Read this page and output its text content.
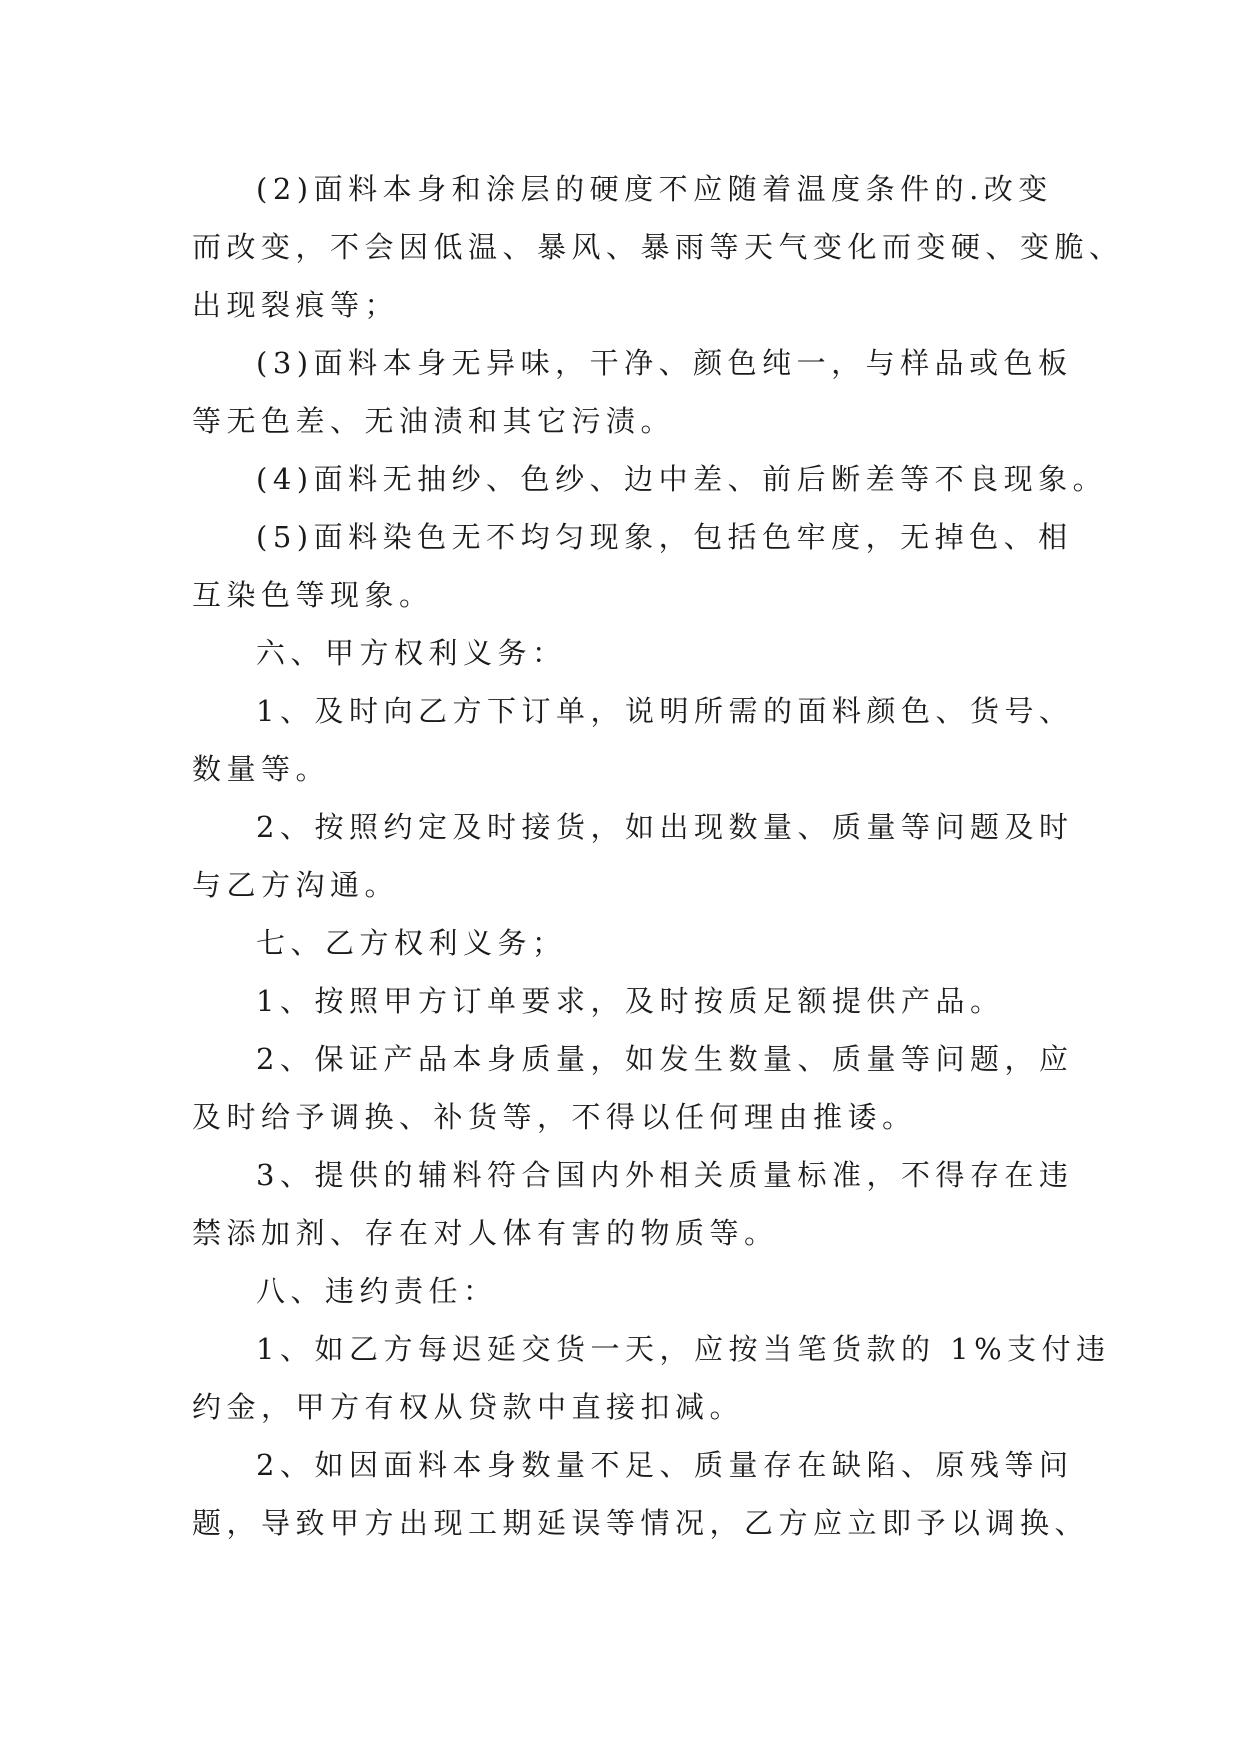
(2)面料本身和涂层的硬度不应随着温度条件的.改变
而改变，不会因低温、暴风、暴雨等天气变化而变硬、变脆、
出现裂痕等；
(3)面料本身无异味，干净、颜色纯一，与样品或色板
等无色差、无油渍和其它污渍。
(4)面料无抽纱、色纱、边中差、前后断差等不良现象。
(5)面料染色无不均匀现象，包括色牢度，无掉色、相
互染色等现象。
六、甲方权利义务：
1、及时向乙方下订单，说明所需的面料颜色、货号、
数量等。
2、按照约定及时接货，如出现数量、质量等问题及时
与乙方沟通。
七、乙方权利义务；
1、按照甲方订单要求，及时按质足额提供产品。
2、保证产品本身质量，如发生数量、质量等问题，应
及时给予调换、补货等，不得以任何理由推诿。
3、提供的辅料符合国内外相关质量标准，不得存在违
禁添加剂、存在对人体有害的物质等。
八、违约责任：
1、如乙方每迟延交货一天，应按当笔货款的 1%支付违
约金，甲方有权从贷款中直接扣减。
2、如因面料本身数量不足、质量存在缺陷、原残等问
题，导致甲方出现工期延误等情况，乙方应立即予以调换、
